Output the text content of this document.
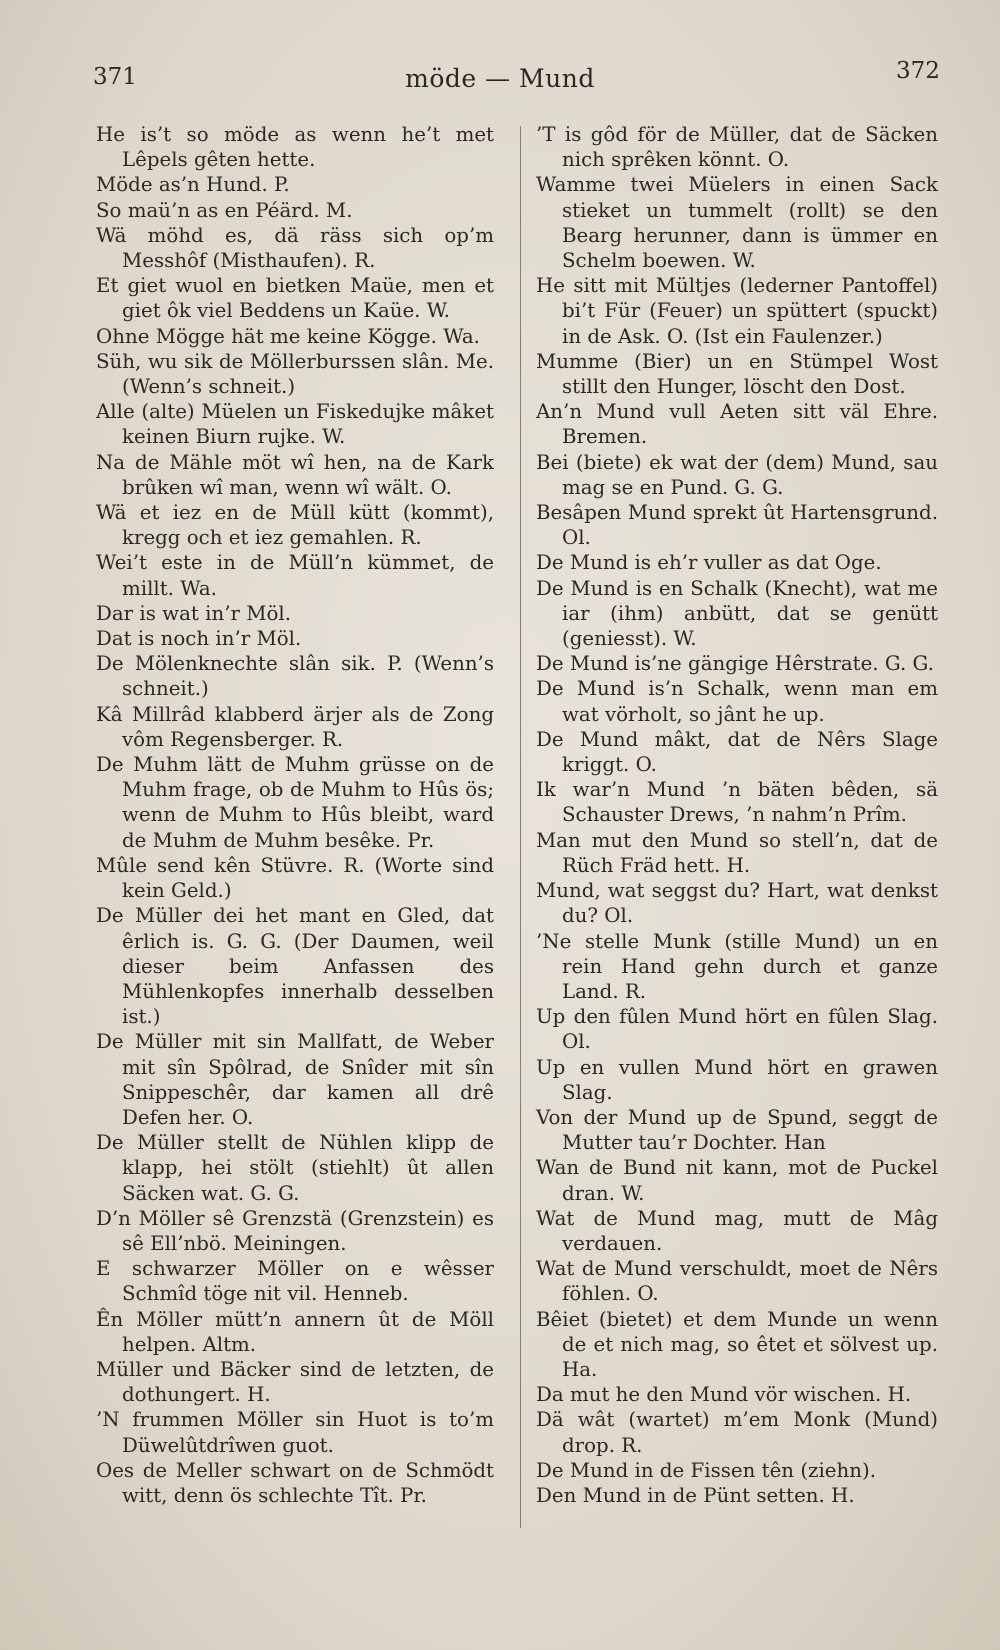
371	möde — Mund	372

He is’t so möde as wenn he’t met Lêpels gêten hette.

Möde as’n Hund. P.

So maü’n as en Péärd. M.

Wä möhd es, dä räss sich op’m Messhôf (Misthaufen). R.

Et giet wuol en bietken Maüe, men et giet ôk viel Beddens un Kaüe. W.

Ohne Mögge hät me keine Kögge. Wa.

Süh, wu sik de Möllerburssen slân. Me. (Wenn’s schneit.)

Alle (alte) Müelen un Fiskedujke mâket keinen Biurn rujke. W.

Na de Mähle möt wî hen, na de Kark brûken wî man, wenn wî wält. O.

Wä et iez en de Müll kütt (kommt), kregg och et iez gemahlen. R.

Wei’t este in de Müll’n kümmet, de millt. Wa.

Dar is wat in’r Möl.

Dat is noch in’r Möl.

De Mölenknechte slân sik. P. (Wenn’s schneit.)

Kâ Millrâd klabberd ärjer als de Zong vôm Regensberger. R.

De Muhm lätt de Muhm grüsse on de Muhm frage, ob de Muhm to Hûs ös; wenn de Muhm to Hûs bleibt, ward de Muhm de Muhm besêke. Pr.

Mûle send kên Stüvre. R. (Worte sind kein Geld.)

De Müller dei het mant en Gled, dat êrlich is. G. G. (Der Daumen, weil dieser beim Anfassen des Mühlenkopfes innerhalb desselben ist.)

De Müller mit sin Mallfatt, de Weber mit sîn Spôlrad, de Snîder mit sîn Snippeschêr, dar kamen all drê Defen her. O.

De Müller stellt de Nühlen klipp de klapp, hei stölt (stiehlt) ût allen Säcken wat. G. G.

D’n Möller sê Grenzstä (Grenzstein) es sê Ell’nbö. Meiningen.

E schwarzer Möller on e wêsser Schmîd töge nit vil. Henneb.

Ên Möller mütt’n annern ût de Möll helpen. Altm.

Müller und Bäcker sind de letzten, de dothungert. H.

’N frummen Möller sin Huot is to’m Düwelûtdrîwen guot.

Oes de Meller schwart on de Schmödt witt, denn ös schlechte Tît. Pr.

’T is gôd för de Müller, dat de Säcken nich sprêken könnt. O.

Wamme twei Müelers in einen Sack stieket un tummelt (rollt) se den Bearg herunner, dann is ümmer en Schelm boewen. W.

He sitt mit Mültjes (lederner Pantoffel) bi’t Für (Feuer) un spüttert (spuckt) in de Ask. O. (Ist ein Faulenzer.)

Mumme (Bier) un en Stümpel Wost stillt den Hunger, löscht den Dost.

An’n Mund vull Aeten sitt väl Ehre. Bremen.

Bei (biete) ek wat der (dem) Mund, sau mag se en Pund. G. G.

Besâpen Mund sprekt ût Hartensgrund. Ol.

De Mund is eh’r vuller as dat Oge.

De Mund is en Schalk (Knecht), wat me iar (ihm) anbütt, dat se genütt (geniesst). W.

De Mund is’ne gängige Hêrstrate. G. G.

De Mund is’n Schalk, wenn man em wat vörholt, so jânt he up.

De Mund mâkt, dat de Nêrs Slage kriggt. O.

Ik war’n Mund ’n bäten bêden, sä Schauster Drews, ’n nahm’n Prîm.

Man mut den Mund so stell’n, dat de Rüch Fräd hett. H.

Mund, wat seggst du? Hart, wat denkst du? Ol.

’Ne stelle Munk (stille Mund) un en rein Hand gehn durch et ganze Land. R.

Up den fûlen Mund hört en fûlen Slag. Ol.

Up en vullen Mund hört en grawen Slag.

Von der Mund up de Spund, seggt de Mutter tau’r Dochter. Han

Wan de Bund nit kann, mot de Puckel dran. W.

Wat de Mund mag, mutt de Mâg verdauen.

Wat de Mund verschuldt, moet de Nêrs föhlen. O.

Bêiet (bietet) et dem Munde un wenn de et nich mag, so êtet et sölvest up. Ha.

Da mut he den Mund vör wischen. H.

Dä wât (wartet) m’em Monk (Mund) drop. R.

De Mund in de Fissen tên (ziehn).

Den Mund in de Pünt setten. H.
